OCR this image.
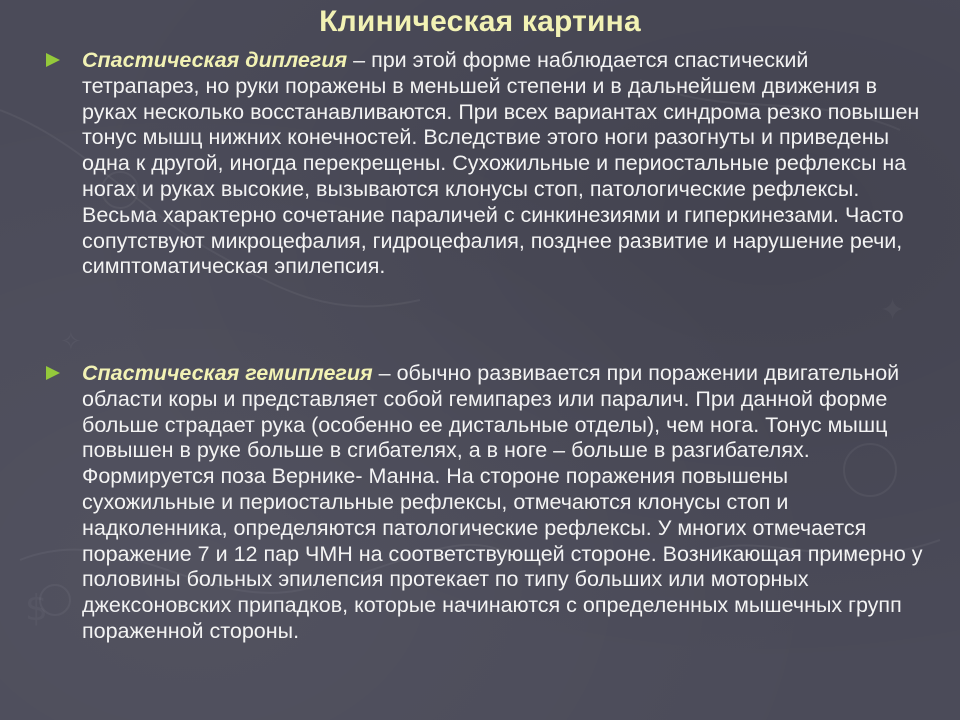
Клиническая картина
Спастическая диплегия – при этой форме наблюдается спастический тетрапарез, но руки поражены в меньшей степени и в дальнейшем движения в руках несколько восстанавливаются. При всех вариантах синдрома резко повышен тонус мышц нижних конечностей. Вследствие этого ноги разогнуты и приведены одна к другой, иногда перекрещены. Сухожильные и периостальные рефлексы на ногах и руках высокие, вызываются клонусы стоп, патологические рефлексы. Весьма характерно сочетание параличей с синкинезиями и гиперкинезами. Часто сопутствуют микроцефалия, гидроцефалия, позднее развитие и нарушение речи, симптоматическая эпилепсия.
Спастическая гемиплегия – обычно развивается при поражении двигательной области коры и представляет собой гемипарез или паралич. При данной форме больше страдает рука (особенно ее дистальные отделы), чем нога. Тонус мышц повышен в руке больше в сгибателях, а в ноге – больше в разгибателях. Формируется поза Вернике- Манна. На стороне поражения повышены сухожильные и периостальные рефлексы, отмечаются клонусы стоп и надколенника, определяются патологические рефлексы. У многих отмечается поражение 7 и 12 пар ЧМН на соответствующей стороне. Возникающая примерно у половины больных эпилепсия протекает по типу больших или моторных джексоновских припадков, которые начинаются с определенных мышечных групп пораженной стороны.
